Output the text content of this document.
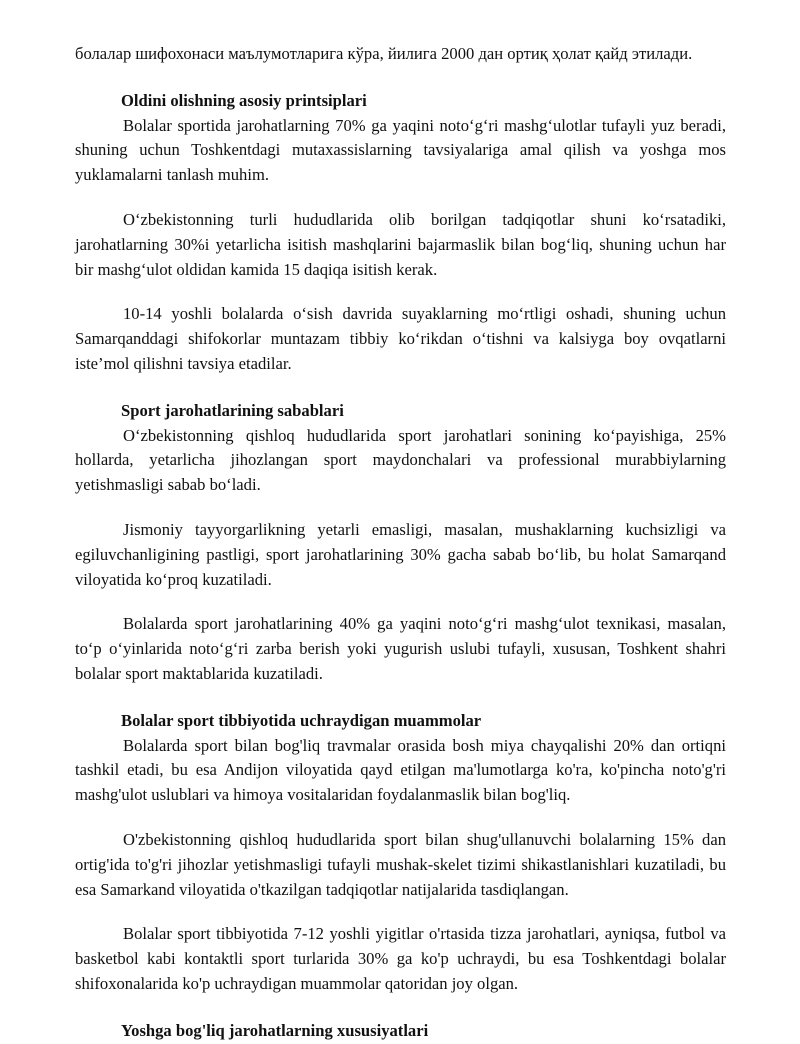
болалар шифохонаси маълумотларига кўра, йилига 2000 дан ортиқ ҳолат қайд этилади.

Oldini olishning asosiy printsiplari

Bolalar sportida jarohatlarning 70% ga yaqini noto‘g‘ri mashg‘ulotlar tufayli yuz beradi, shuning uchun Toshkentdagi mutaxassislarning tavsiyalariga amal qilish va yoshga mos yuklamalarni tanlash muhim.

O‘zbekistonning turli hududlarida olib borilgan tadqiqotlar shuni ko‘rsatadiki, jarohatlarning 30%i yetarlicha isitish mashqlarini bajarmaslik bilan bog‘liq, shuning uchun har bir mashg‘ulot oldidan kamida 15 daqiqa isitish kerak.

10-14 yoshli bolalarda o‘sish davrida suyaklarning mo‘rtligi oshadi, shuning uchun Samarqanddagi shifokorlar muntazam tibbiy ko‘rikdan o‘tishni va kalsiyga boy ovqatlarni iste’mol qilishni tavsiya etadilar.

Sport jarohatlarining sabablari

O‘zbekistonning qishloq hududlarida sport jarohatlari sonining ko‘payishiga, 25% hollarda, yetarlicha jihozlangan sport maydonchalari va professional murabbiylarning yetishmasligi sabab bo‘ladi.

Jismoniy tayyorgarlikning yetarli emasligi, masalan, mushaklarning kuchsizligi va egiluvchanligining pastligi, sport jarohatlarining 30% gacha sabab bo‘lib, bu holat Samarqand viloyatida ko‘proq kuzatiladi.

Bolalarda sport jarohatlarining 40% ga yaqini noto‘g‘ri mashg‘ulot texnikasi, masalan, to‘p o‘yinlarida noto‘g‘ri zarba berish yoki yugurish uslubi tufayli, xususan, Toshkent shahri bolalar sport maktablarida kuzatiladi.

Bolalar sport tibbiyotida uchraydigan muammolar

Bolalarda sport bilan bog'liq travmalar orasida bosh miya chayqalishi 20% dan ortiqni tashkil etadi, bu esa Andijon viloyatida qayd etilgan ma'lumotlarga ko'ra, ko'pincha noto'g'ri mashg'ulot uslublari va himoya vositalaridan foydalanmaslik bilan bog'liq.

O'zbekistonning qishloq hududlarida sport bilan shug'ullanuvchi bolalarning 15% dan ortig'ida to'g'ri jihozlar yetishmasligi tufayli mushak-skelet tizimi shikastlanishlari kuzatiladi, bu esa Samarkand viloyatida o'tkazilgan tadqiqotlar natijalarida tasdiqlangan.

Bolalar sport tibbiyotida 7-12 yoshli yigitlar o'rtasida tizza jarohatlari, ayniqsa, futbol va basketbol kabi kontaktli sport turlarida 30% ga ko'p uchraydi, bu esa Toshkentdagi bolalar shifoxonalarida ko'p uchraydigan muammolar qatoridan joy olgan.

Yoshga bog'liq jarohatlarning xususiyatlari
